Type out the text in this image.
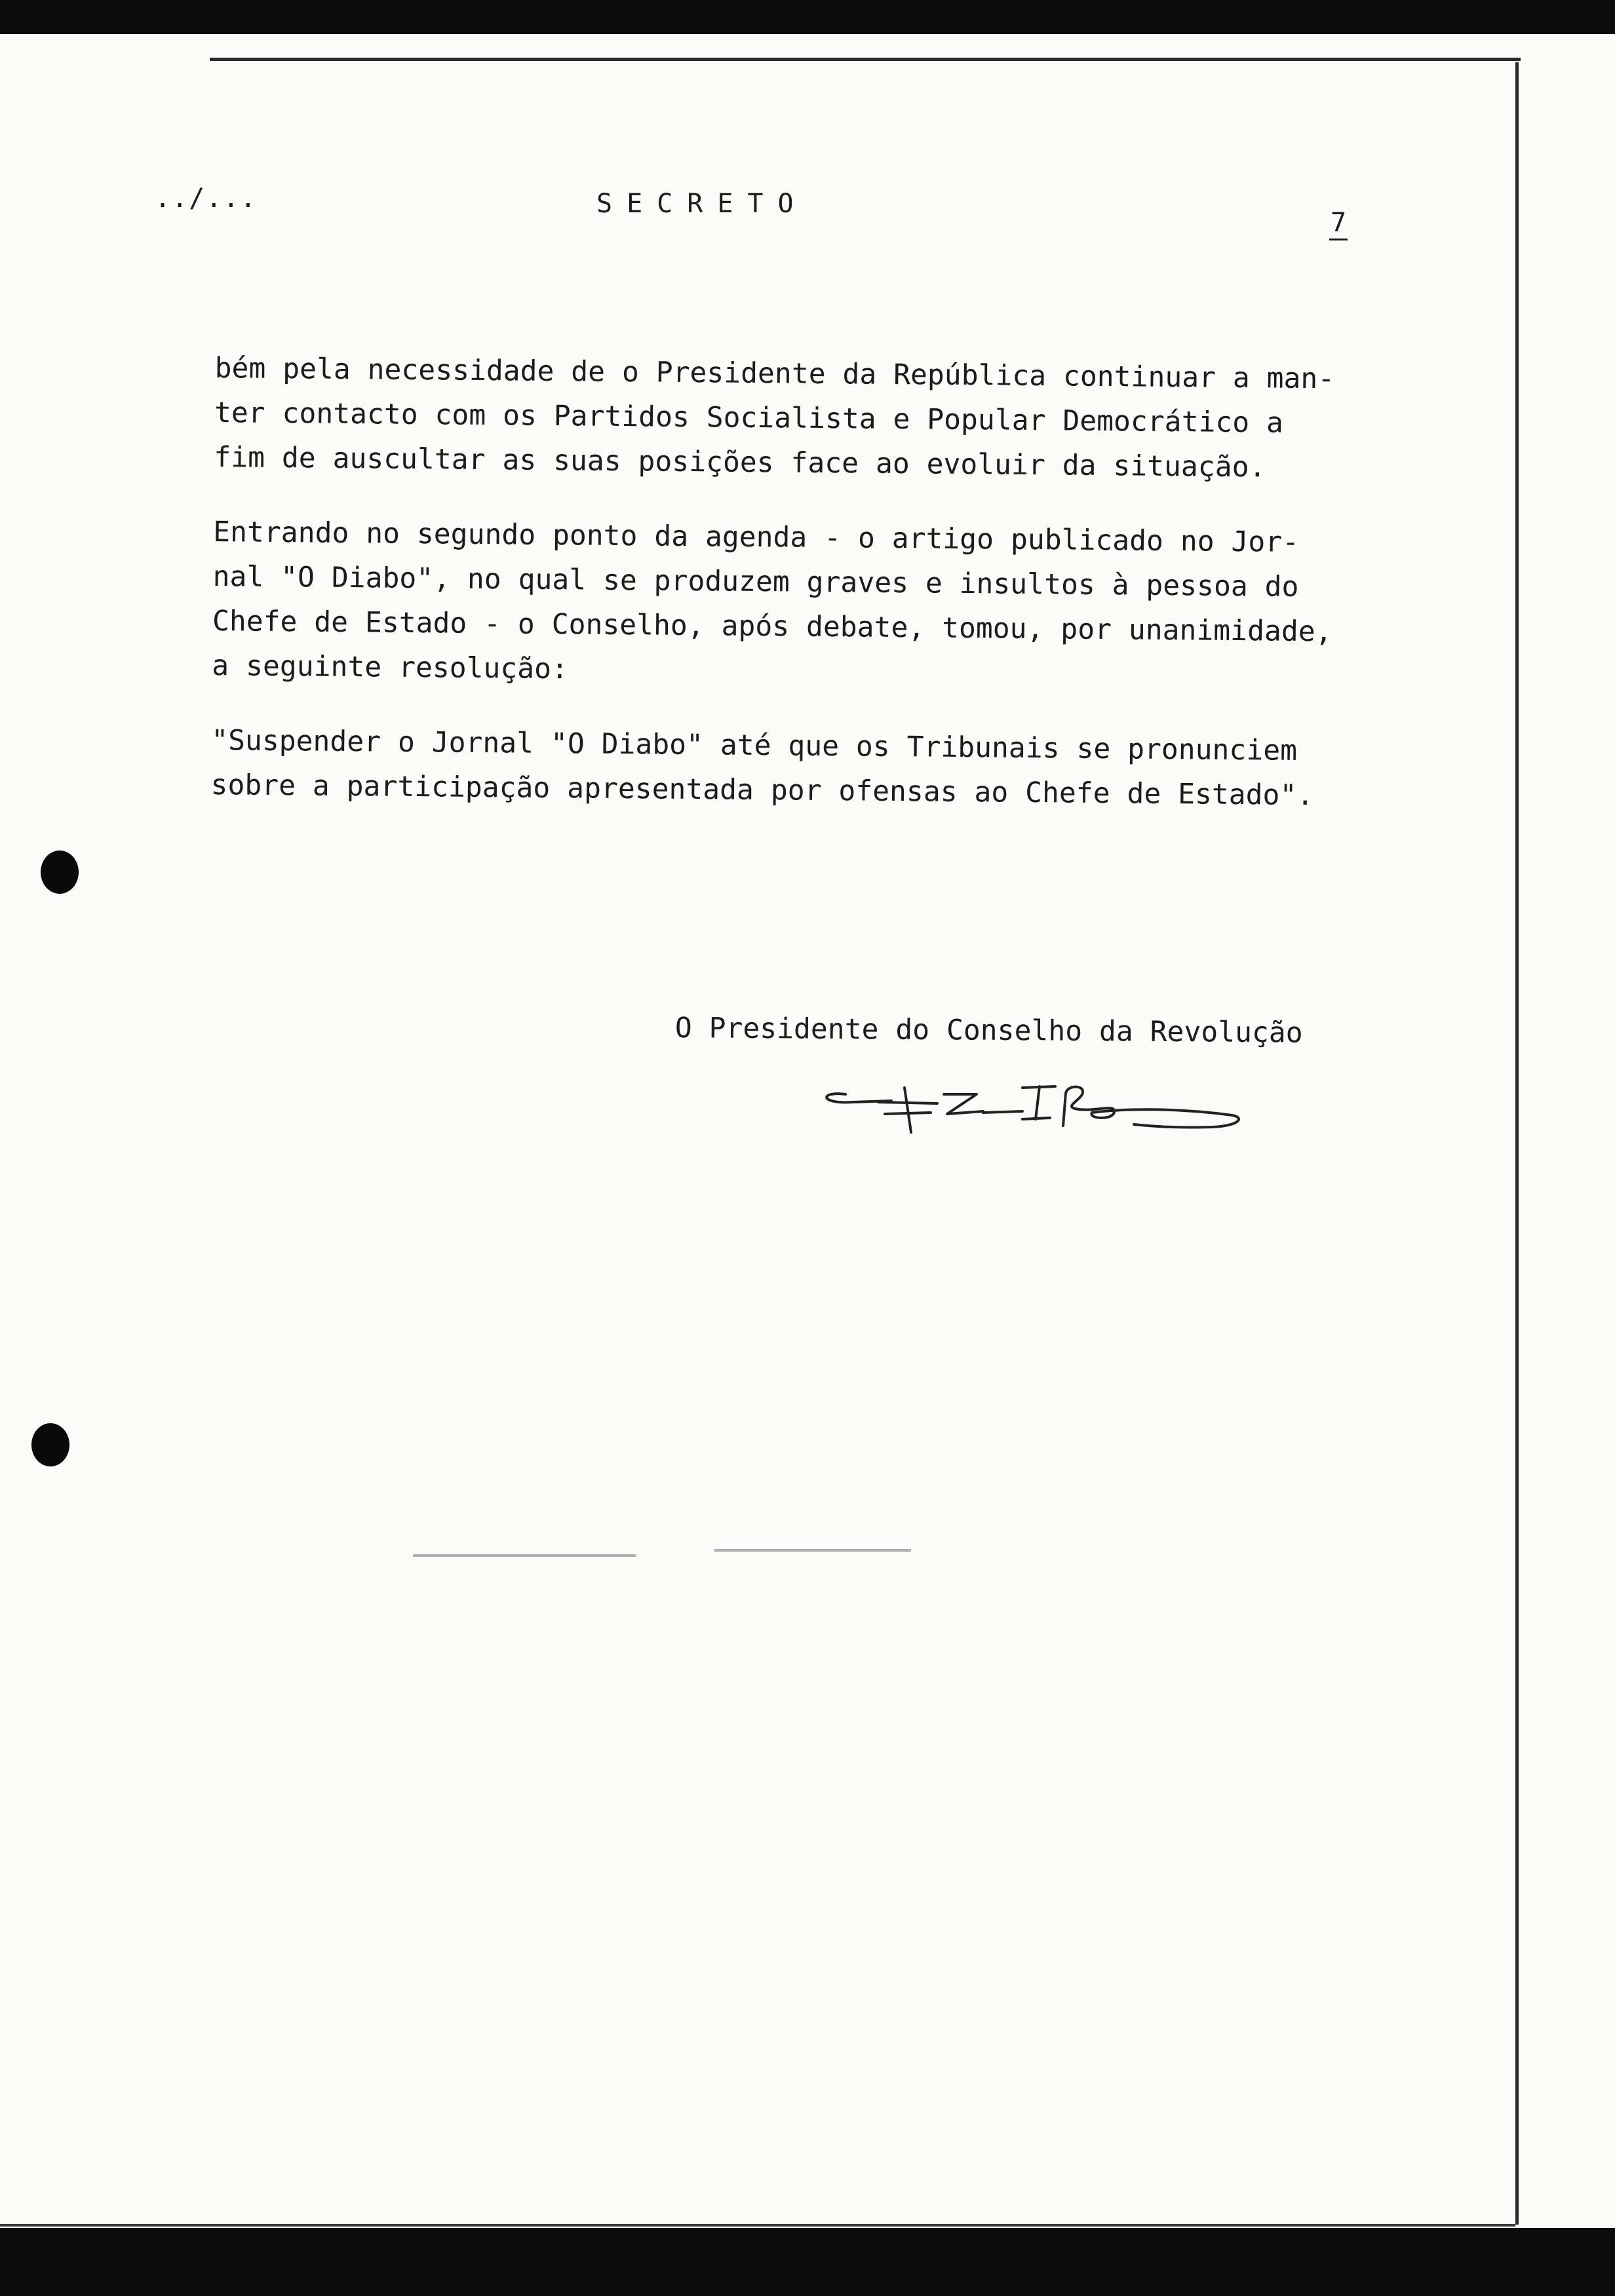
../...	SECRETO

7

bém pela necessidade de o Presidente da República continuar a man-
ter contacto com os Partidos Socialista e Popular Democrático a
fim de auscultar as suas posições face ao evoluir da situação.

Entrando no segundo ponto da agenda - o artigo publicado no Jor-
nal "O Diabo", no qual se produzem graves e insultos à pessoa do
Chefe de Estado - o Conselho, após debate, tomou, por unanimidade,
a seguinte resolução:

"Suspender o Jornal "O Diabo" até que os Tribunais se pronunciem
sobre a participação apresentada por ofensas ao Chefe de Estado".

O Presidente do Conselho da Revolução
